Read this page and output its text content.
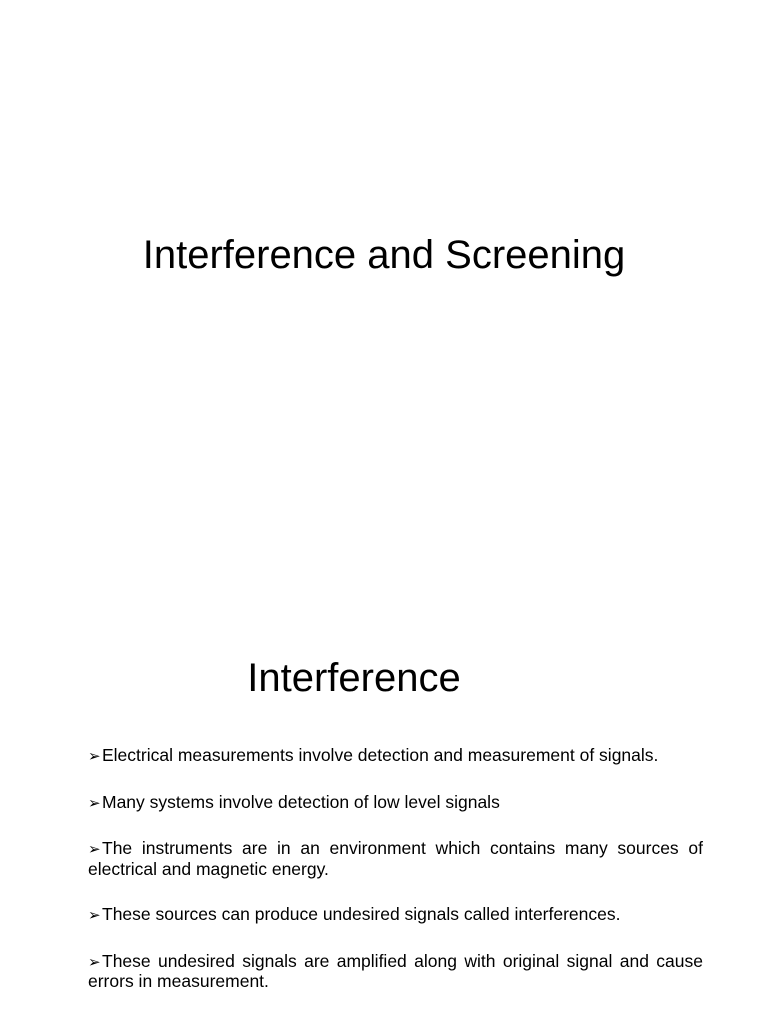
Interference and Screening
Interference
➢Electrical measurements involve detection and measurement of signals.
➢Many systems involve detection of low level signals
➢The instruments are in an environment which contains many sources of electrical and magnetic energy.
➢These sources can produce undesired signals called interferences.
➢These undesired signals are amplified along with original signal and cause errors in measurement.
